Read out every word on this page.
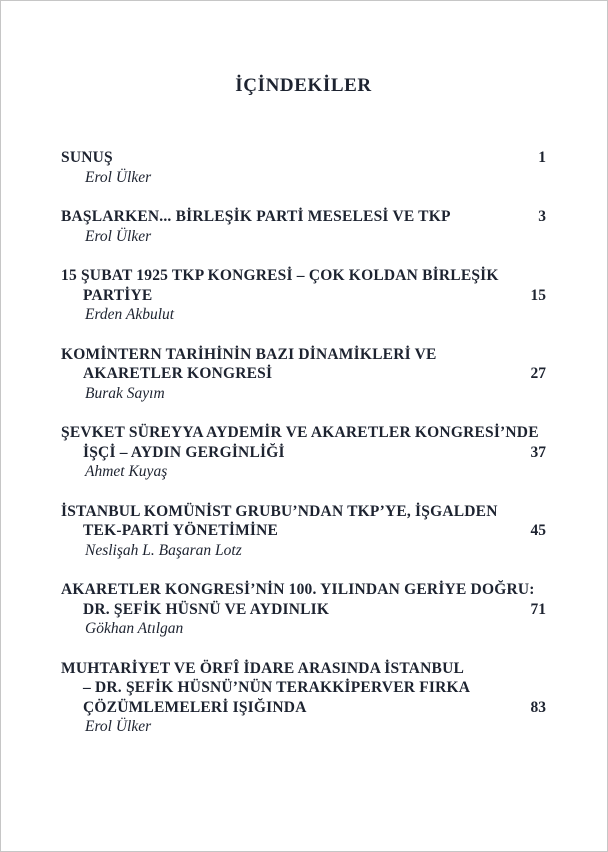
İÇİNDEKİLER
SUNUŞ	1
Erol Ülker
BAŞLARKEN... BİRLEŞİK PARTİ MESELESİ VE TKP	3
Erol Ülker
15 ŞUBAT 1925 TKP KONGRESİ – ÇOK KOLDAN BİRLEŞİK
PARTİYE	15
Erden Akbulut
KOMİNTERN TARİHİNİN BAZI DİNAMİKLERİ VE
AKARETLER KONGRESİ	27
Burak Sayım
ŞEVKET SÜREYYA AYDEMİR VE AKARETLER KONGRESİ’NDE
İŞÇİ – AYDIN GERGİNLİĞİ	37
Ahmet Kuyaş
İSTANBUL KOMÜNİST GRUBU’NDAN TKP’YE, İŞGALDEN
TEK-PARTİ YÖNETİMİNE	45
Neslişah L. Başaran Lotz
AKARETLER KONGRESİ’NİN 100. YILINDAN GERİYE DOĞRU:
DR. ŞEFİK HÜSNÜ VE AYDINLIK	71
Gökhan Atılgan
MUHTARİYET VE ÖRFÎ İDARE ARASINDA İSTANBUL
– DR. ŞEFİK HÜSNÜ’NÜN TERAKKİPERVER FIRKA
ÇÖZÜMLEMELERİ IŞIĞINDA	83
Erol Ülker
